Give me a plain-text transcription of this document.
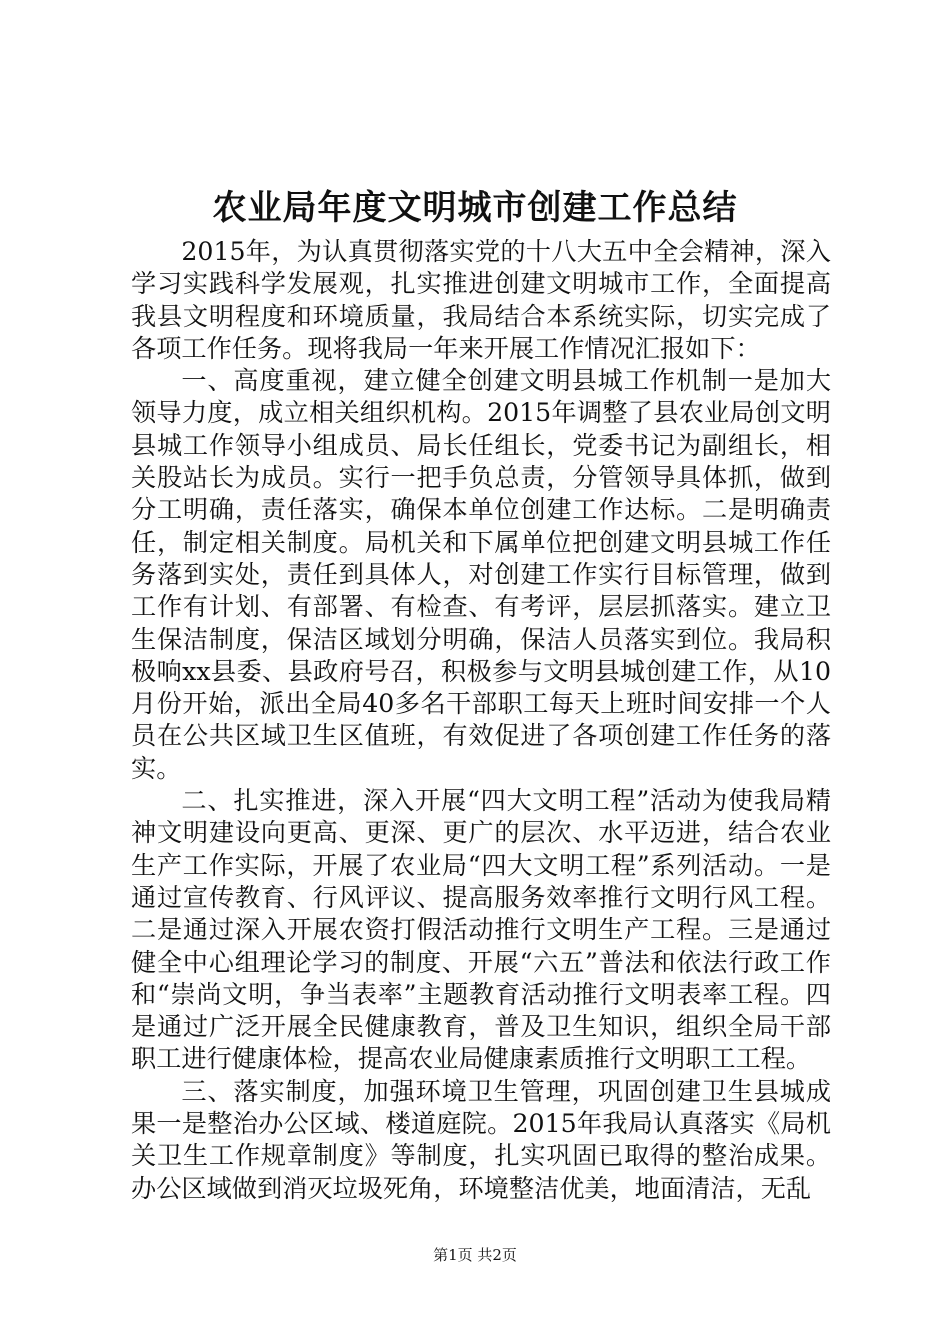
农业局年度文明城市创建工作总结

2015年，为认真贯彻落实党的十八大五中全会精神，深入学习实践科学发展观，扎实推进创建文明城市工作，全面提高我县文明程度和环境质量，我局结合本系统实际，切实完成了各项工作任务。现将我局一年来开展工作情况汇报如下：

一、高度重视，建立健全创建文明县城工作机制一是加大领导力度，成立相关组织机构。2015年调整了县农业局创文明县城工作领导小组成员、局长任组长，党委书记为副组长，相关股站长为成员。实行一把手负总责，分管领导具体抓，做到分工明确，责任落实，确保本单位创建工作达标。二是明确责任，制定相关制度。局机关和下属单位把创建文明县城工作任务落到实处，责任到具体人，对创建工作实行目标管理，做到工作有计划、有部署、有检查、有考评，层层抓落实。建立卫生保洁制度，保洁区域划分明确，保洁人员落实到位。我局积极响xx县委、县政府号召，积极参与文明县城创建工作，从10月份开始，派出全局40多名干部职工每天上班时间安排一个人员在公共区域卫生区值班，有效促进了各项创建工作任务的落实。

二、扎实推进，深入开展“四大文明工程”活动为使我局精神文明建设向更高、更深、更广的层次、水平迈进，结合农业生产工作实际，开展了农业局“四大文明工程”系列活动。一是通过宣传教育、行风评议、提高服务效率推行文明行风工程。二是通过深入开展农资打假活动推行文明生产工程。三是通过健全中心组理论学习的制度、开展“六五”普法和依法行政工作和“崇尚文明，争当表率”主题教育活动推行文明表率工程。四是通过广泛开展全民健康教育，普及卫生知识，组织全局干部职工进行健康体检，提高农业局健康素质推行文明职工工程。

三、落实制度，加强环境卫生管理，巩固创建卫生县城成果一是整治办公区域、楼道庭院。2015年我局认真落实《局机关卫生工作规章制度》等制度，扎实巩固已取得的整治成果。办公区域做到消灭垃圾死角，环境整洁优美，地面清洁，无乱

第1页 共2页
